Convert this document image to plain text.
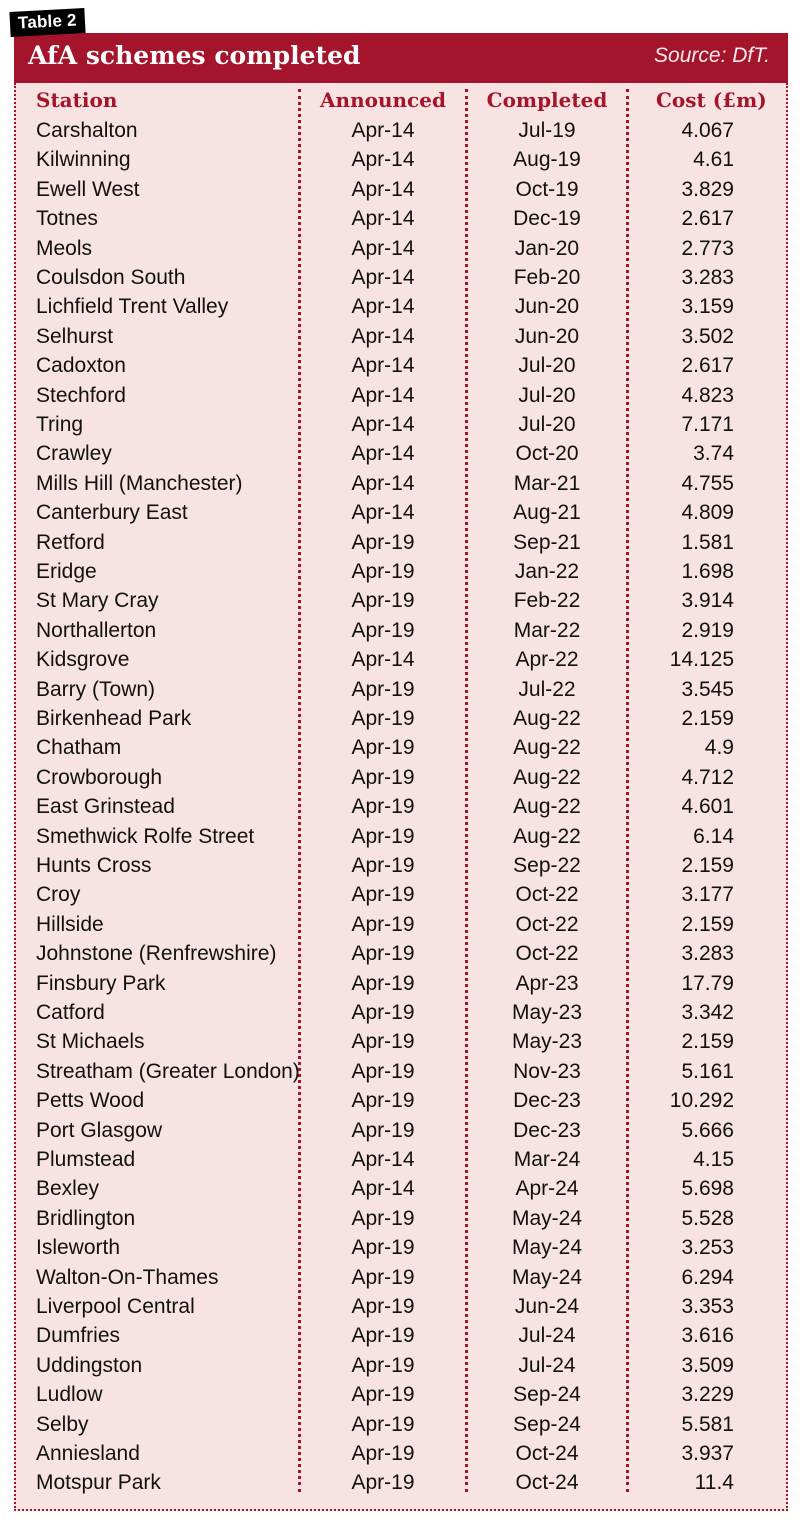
Table 2
AfA schemes completed	Source: DfT.
Station	Announced	Completed	Cost (£m)
Carshalton	Apr-14	Jul-19	4.067
Kilwinning	Apr-14	Aug-19	4.61
Ewell West	Apr-14	Oct-19	3.829
Totnes	Apr-14	Dec-19	2.617
Meols	Apr-14	Jan-20	2.773
Coulsdon South	Apr-14	Feb-20	3.283
Lichfield Trent Valley	Apr-14	Jun-20	3.159
Selhurst	Apr-14	Jun-20	3.502
Cadoxton	Apr-14	Jul-20	2.617
Stechford	Apr-14	Jul-20	4.823
Tring	Apr-14	Jul-20	7.171
Crawley	Apr-14	Oct-20	3.74
Mills Hill (Manchester)	Apr-14	Mar-21	4.755
Canterbury East	Apr-14	Aug-21	4.809
Retford	Apr-19	Sep-21	1.581
Eridge	Apr-19	Jan-22	1.698
St Mary Cray	Apr-19	Feb-22	3.914
Northallerton	Apr-19	Mar-22	2.919
Kidsgrove	Apr-14	Apr-22	14.125
Barry (Town)	Apr-19	Jul-22	3.545
Birkenhead Park	Apr-19	Aug-22	2.159
Chatham	Apr-19	Aug-22	4.9
Crowborough	Apr-19	Aug-22	4.712
East Grinstead	Apr-19	Aug-22	4.601
Smethwick Rolfe Street	Apr-19	Aug-22	6.14
Hunts Cross	Apr-19	Sep-22	2.159
Croy	Apr-19	Oct-22	3.177
Hillside	Apr-19	Oct-22	2.159
Johnstone (Renfrewshire)	Apr-19	Oct-22	3.283
Finsbury Park	Apr-19	Apr-23	17.79
Catford	Apr-19	May-23	3.342
St Michaels	Apr-19	May-23	2.159
Streatham (Greater London)	Apr-19	Nov-23	5.161
Petts Wood	Apr-19	Dec-23	10.292
Port Glasgow	Apr-19	Dec-23	5.666
Plumstead	Apr-14	Mar-24	4.15
Bexley	Apr-14	Apr-24	5.698
Bridlington	Apr-19	May-24	5.528
Isleworth	Apr-19	May-24	3.253
Walton-On-Thames	Apr-19	May-24	6.294
Liverpool Central	Apr-19	Jun-24	3.353
Dumfries	Apr-19	Jul-24	3.616
Uddingston	Apr-19	Jul-24	3.509
Ludlow	Apr-19	Sep-24	3.229
Selby	Apr-19	Sep-24	5.581
Anniesland	Apr-19	Oct-24	3.937
Motspur Park	Apr-19	Oct-24	11.4
